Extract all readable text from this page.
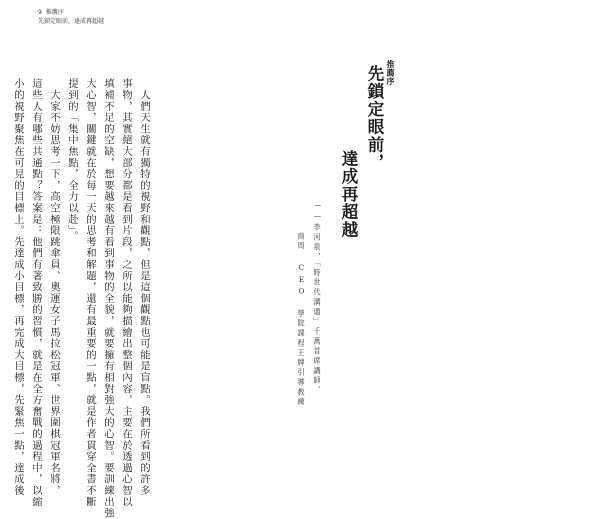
9 推薦序
先鎖定眼前，達成再超越
　人們天生就有獨特的視野和觀點，但是這個觀點也可能是盲點。我們所看到的許多
事物，其實絕大部分都是看到片段，之所以能夠描繪出整個內容，主要在於透過心智以
填補不足的空缺，想要越來越有看到事物的全貌，就要擁有相對強大的心智。要訓練出強
大心智，關鍵就在於每一天的思考和解題，還有最重要的一點，就是作者貫穿全書不斷
提到的「集中焦點，全力以赴」。
　大家不妨思考一下，高空極限跳傘員、奧運女子馬拉松冠軍、世界圍棋冠軍名將，
這些人有哪些共通點？答案是：他們有著致勝的習慣，就是在全方奮戰的過程中，以縮
小的視野聚焦在可見的目標上。先達成小目標，再完成大目標，先緊焦一點，達成後
推薦序
先鎖定眼前，
達成再超越
——李河泉，「時世代溝通」千萬首席講師、
商周 CEO 學院課程王牌引導教練
